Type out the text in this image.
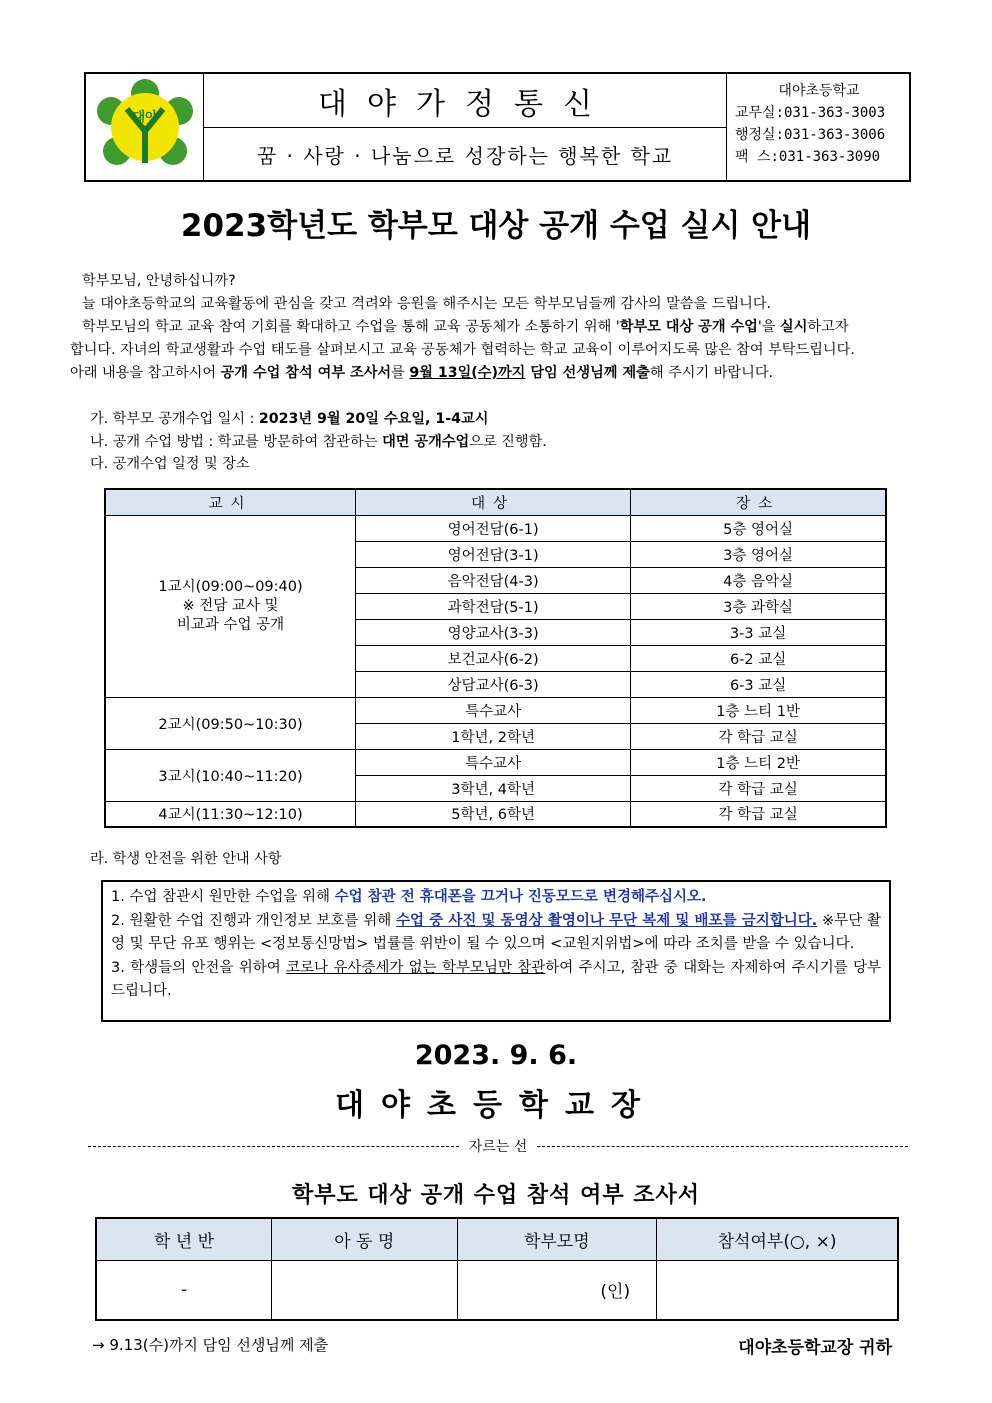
대야	대야가정통신
꿈 · 사랑 · 나눔으로 성장하는 행복한 학교
대야초등학교
교무실:031-363-3003
행정실:031-363-3006
팩 스:031-363-3090
2023학년도 학부모 대상 공개 수업 실시 안내

학부모님, 안녕하십니까?

늘 대야초등학교의 교육활동에 관심을 갖고 격려와 응원을 해주시는 모든 학부모님들께 감사의 말씀을 드립니다.

학부모님의 학교 교육 참여 기회를 확대하고 수업을 통해 교육 공동체가 소통하기 위해 '학부모 대상 공개 수업'을 실시하고자

합니다. 자녀의 학교생활과 수업 태도를 살펴보시고 교육 공동체가 협력하는 학교 교육이 이루어지도록 많은 참여 부탁드립니다.

아래 내용을 참고하시어 공개 수업 참석 여부 조사서를 9월 13일(수)까지 담임 선생님께 제출해 주시기 바랍니다.

가. 학부모 공개수업 일시 : 2023년 9월 20일 수요일, 1-4교시

나. 공개 수업 방법 : 학교를 방문하여 참관하는 대면 공개수업으로 진행함.

다. 공개수업 일정 및 장소

교시	대상	장소

1교시(09:00~09:40)
※ 전담 교사 및
비교과 수업 공개	영어전담(6-1)	5층 영어실
	영어전담(3-1)	3층 영어실
	음악전담(4-3)	4층 음악실
	과학전담(5-1)	3층 과학실
	영양교사(3-3)	3-3 교실
	보건교사(6-2)	6-2 교실
	상담교사(6-3)	6-3 교실
2교시(09:50~10:30)	특수교사	1층 느티 1반
	1학년, 2학년	각 학급 교실
3교시(10:40~11:20)	특수교사	1층 느티 2반
	3학년, 4학년	각 학급 교실
4교시(11:30~12:10)	5학년, 6학년	각 학급 교실
라. 학생 안전을 위한 안내 사항

1. 수업 참관시 원만한 수업을 위해 수업 참관 전 휴대폰을 끄거나 진동모드로 변경해주십시오.

2. 원활한 수업 진행과 개인정보 보호를 위해 수업 중 사진 및 동영상 촬영이나 무단 복제 및 배포를 금지합니다. ※무단 촬영 및 무단 유포 행위는 <정보통신망법> 법률를 위반이 될 수 있으며 <교원지위법>에 따라 조치를 받을 수 있습니다.

3. 학생들의 안전을 위하여 코로나 유사증세가 없는 학부모님만 참관하여 주시고, 참관 중 대화는 자제하여 주시기를 당부드립니다.

2023. 9. 6.
대야초등학교장
자르는 선
학부도 대상 공개 수업 참석 여부 조사서
학 년 반	아 동 명	학부모명	참석여부(○, ×)
-		(인)	
→ 9.13(수)까지 담임 선생님께 제출	대야초등학교장 귀하
